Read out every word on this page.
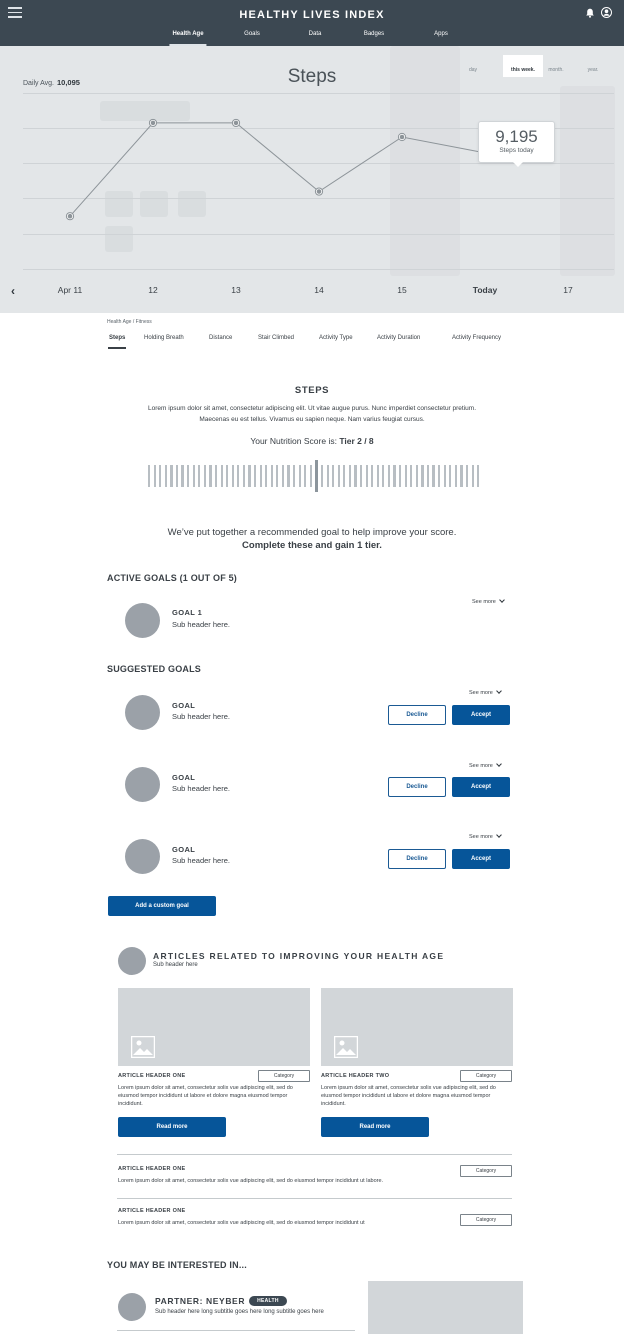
HEALTHY LIVES INDEX
Health Age	Goals	Data	Badges	Apps
Daily Avg. 10,095	Steps	day	this week.	month.	year.
9,195
Steps today
‹	Apr 11	12	13	14	15	Today	17
Health Age / Fitness
Steps	Holding Breath	Distance	Stair Climbed	Activity Type	Activity Duration	Activity Frequency
STEPS
Lorem ipsum dolor sit amet, consectetur adipiscing elit. Ut vitae augue purus. Nunc imperdiet consectetur pretium. Maecenas eu est tellus. Vivamus eu sapien neque. Nam varius feugiat cursus.
Your Nutrition Score is: Tier 2 / 8
We’ve put together a recommended goal to help improve your score.
Complete these and gain 1 tier.
ACTIVE GOALS (1 OUT OF 5)
GOAL 1
Sub header here.
See more
SUGGESTED GOALS
GOAL
Sub header here.
See more
Decline	Accept
GOAL
Sub header here.
See more
Decline	Accept
GOAL
Sub header here.
See more
Decline	Accept
Add a custom goal
ARTICLES RELATED TO IMPROVING YOUR HEALTH AGE
Sub header here
ARTICLE HEADER ONE	Category
Lorem ipsum dolor sit amet, consectetur solix vue adipiscing elit, sed do eiusmod tempor incididunt ut labore et dolore magna eiusmod tempor incididunt.
Read more
ARTICLE HEADER TWO	Category
Lorem ipsum dolor sit amet, consectetur solix vue adipiscing elit, sed do eiusmod tempor incididunt ut labore et dolore magna eiusmod tempor incididunt.
Read more
ARTICLE HEADER ONE	Category
Lorem ipsum dolor sit amet, consectetur solix vue adipiscing elit, sed do eiusmod tempor incididunt ut labore.
ARTICLE HEADER ONE
Category
Lorem ipsum dolor sit amet, consectetur solix vue adipiscing elit, sed do eiusmod tempor incididunt ut
YOU MAY BE INTERESTED IN...
PARTNER: NEYBER HEALTH
Sub header here long subtitle goes here long subtitle goes here
